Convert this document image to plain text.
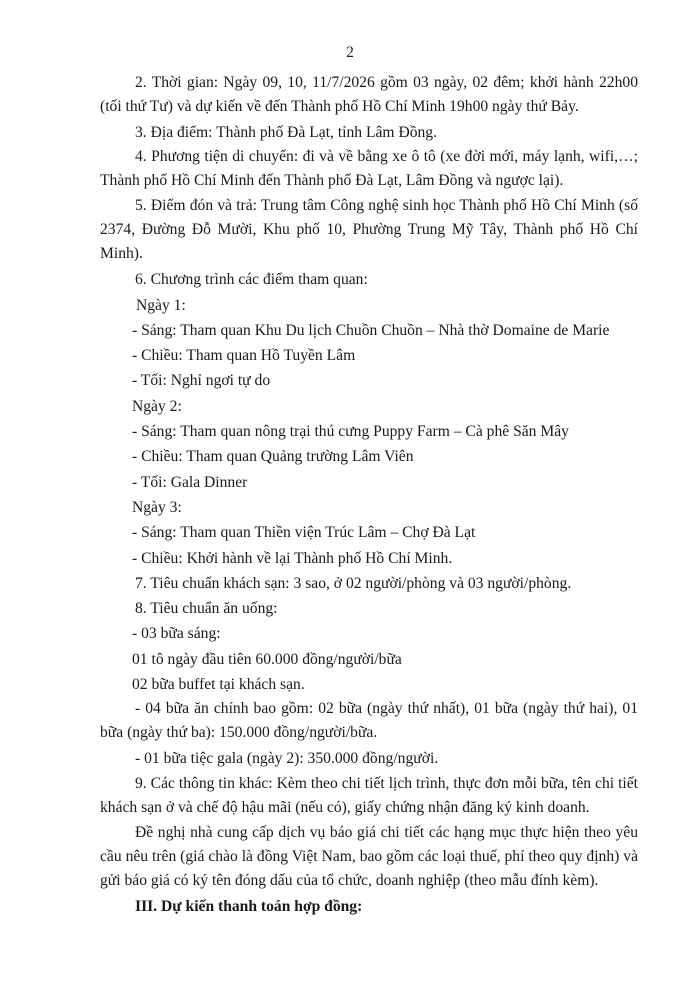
2

2. Thời gian: Ngày 09, 10, 11/7/2026 gồm 03 ngày, 02 đêm; khởi hành 22h00 (tối thứ Tư) và dự kiến về đến Thành phố Hồ Chí Minh 19h00 ngày thứ Bảy.

3. Địa điểm: Thành phố Đà Lạt, tỉnh Lâm Đồng.

4. Phương tiện di chuyển: đi và về bằng xe ô tô (xe đời mới, máy lạnh, wifi,…; Thành phố Hồ Chí Minh đến Thành phố Đà Lạt, Lâm Đồng và ngược lại).

5. Điểm đón và trả: Trung tâm Công nghệ sinh học Thành phố Hồ Chí Minh (số 2374, Đường Đỗ Mười, Khu phố 10, Phường Trung Mỹ Tây, Thành phố Hồ Chí Minh).

6. Chương trình các điểm tham quan:

Ngày 1:

- Sáng: Tham quan Khu Du lịch Chuồn Chuồn – Nhà thờ Domaine de Marie

- Chiều: Tham quan Hồ Tuyền Lâm

- Tối: Nghỉ ngơi tự do

Ngày 2:

- Sáng: Tham quan nông trại thú cưng Puppy Farm – Cà phê Săn Mây

- Chiều: Tham quan Quảng trường Lâm Viên

- Tối: Gala Dinner

Ngày 3:

- Sáng: Tham quan Thiền viện Trúc Lâm – Chợ Đà Lạt

- Chiều: Khởi hành về lại Thành phố Hồ Chí Minh.

7. Tiêu chuẩn khách sạn: 3 sao, ở 02 người/phòng và 03 người/phòng.

8. Tiêu chuẩn ăn uống:

- 03 bữa sáng:

01 tô ngày đầu tiên 60.000 đồng/người/bữa

02 bữa buffet tại khách sạn.

- 04 bữa ăn chính bao gồm: 02 bữa (ngày thứ nhất), 01 bữa (ngày thứ hai), 01 bữa (ngày thứ ba): 150.000 đồng/người/bữa.

- 01 bữa tiệc gala (ngày 2): 350.000 đồng/người.

9. Các thông tin khác: Kèm theo chi tiết lịch trình, thực đơn mỗi bữa, tên chi tiết khách sạn ở và chế độ hậu mãi (nếu có), giấy chứng nhận đăng ký kinh doanh.

Đề nghị nhà cung cấp dịch vụ báo giá chi tiết các hạng mục thực hiện theo yêu cầu nêu trên (giá chào là đồng Việt Nam, bao gồm các loại thuế, phí theo quy định) và gửi báo giá có ký tên đóng dấu của tổ chức, doanh nghiệp (theo mẫu đính kèm).

III. Dự kiến thanh toán hợp đồng:
